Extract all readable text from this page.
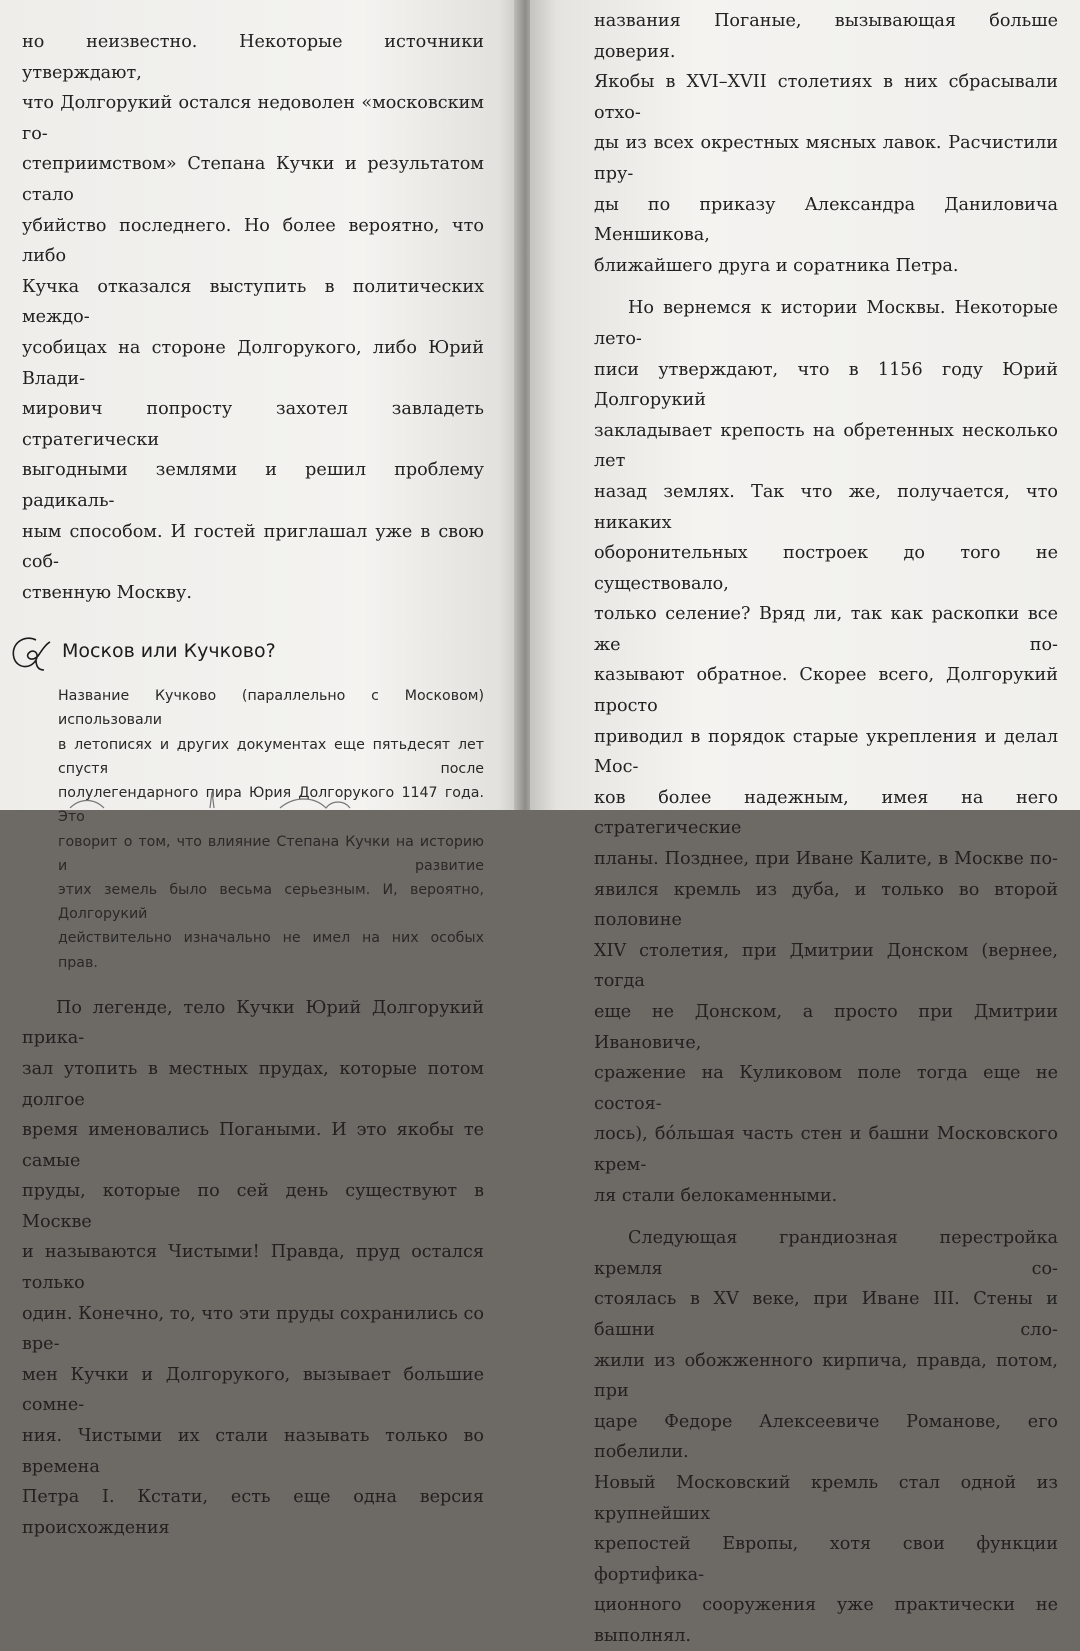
но неизвестно. Некоторые источники утверждают,

что Долгорукий остался недоволен «московским го-

степриимством» Степана Кучки и результатом стало

убийство последнего. Но более вероятно, что либо

Кучка отказался выступить в политических междо-

усобицах на стороне Долгорукого, либо Юрий Влади-

мирович попросту захотел завладеть стратегически

выгодными землями и решил проблему радикаль-

ным способом. И гостей приглашал уже в свою соб-

ственную Москву.

Москов или Кучково?

Название Кучково (параллельно с Московом) использовали

в летописях и других документах еще пятьдесят лет спустя после

полулегендарного пира Юрия Долгорукого 1147 года. Это

говорит о том, что влияние Степана Кучки на историю и развитие

этих земель было весьма серьезным. И, вероятно, Долгорукий

действительно изначально не имел на них особых прав.

По легенде, тело Кучки Юрий Долгорукий прика-

зал утопить в местных прудах, которые потом долгое

время именовались Погаными. И это якобы те самые

пруды, которые по сей день существуют в Москве

и называются Чистыми! Правда, пруд остался только

один. Конечно, то, что эти пруды сохранились со вре-

мен Кучки и Долгорукого, вызывает большие сомне-

ния. Чистыми их стали называть только во времена

Петра I. Кстати, есть еще одна версия происхождения

названия Поганые, вызывающая больше доверия.

Якобы в XVI–XVII столетиях в них сбрасывали отхо-

ды из всех окрестных мясных лавок. Расчистили пру-

ды по приказу Александра Даниловича Меншикова,

ближайшего друга и соратника Петра.

Но вернемся к истории Москвы. Некоторые лето-

писи утверждают, что в 1156 году Юрий Долгорукий

закладывает крепость на обретенных несколько лет

назад землях. Так что же, получается, что никаких

оборонительных построек до того не существовало,

только селение? Вряд ли, так как раскопки все же по-

казывают обратное. Скорее всего, Долгорукий просто

приводил в порядок старые укрепления и делал Мос-

ков более надежным, имея на него стратегические

планы. Позднее, при Иване Калите, в Москве по-

явился кремль из дуба, и только во второй половине

XIV столетия, при Дмитрии Донском (вернее, тогда

еще не Донском, а просто при Дмитрии Ивановиче,

сражение на Куликовом поле тогда еще не состоя-

лось), бо́льшая часть стен и башни Московского крем-

ля стали белокаменными.

Следующая грандиозная перестройка кремля со-

стоялась в XV веке, при Иване III. Стены и башни сло-

жили из обожженного кирпича, правда, потом, при

царе Федоре Алексеевиче Романове, его побелили.

Новый Московский кремль стал одной из крупнейших

крепостей Европы, хотя свои функции фортифика-

ционного сооружения уже практически не выполнял.
